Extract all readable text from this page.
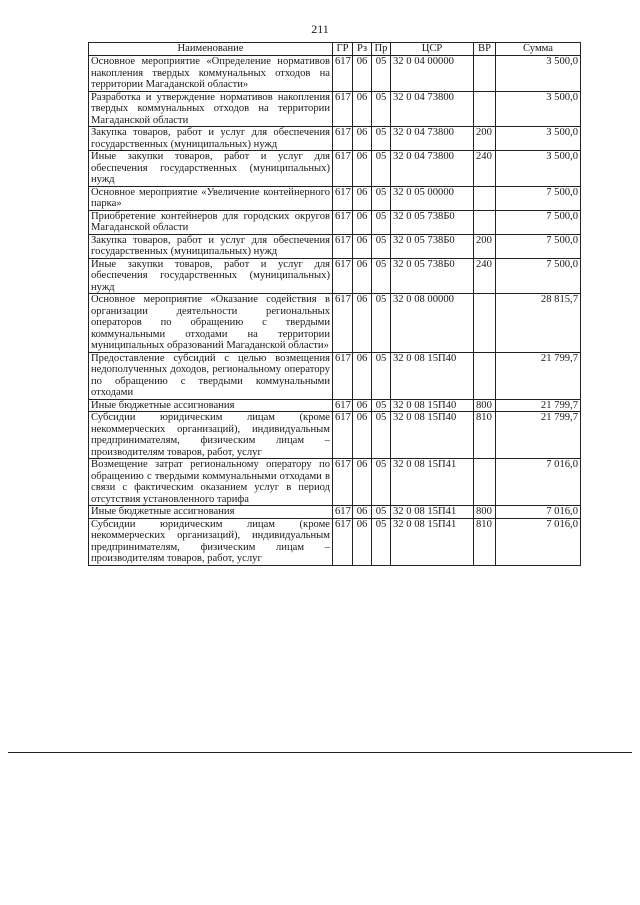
211
Наименование	ГР	Рз	Пр	ЦСР	ВР	Сумма
Основное мероприятие «Определение нормативов накопления твердых коммунальных отходов на территории Магаданской области»	617	06	05	32 0 04 00000		3 500,0
Разработка и утверждение нормативов накопления твердых коммунальных отходов на территории Магаданской области	617	06	05	32 0 04 73800		3 500,0
Закупка товаров, работ и услуг для обеспечения государственных (муниципальных) нужд	617	06	05	32 0 04 73800	200	3 500,0
Иные закупки товаров, работ и услуг для обеспечения государственных (муниципальных) нужд	617	06	05	32 0 04 73800	240	3 500,0
Основное мероприятие «Увеличение контейнерного парка»	617	06	05	32 0 05 00000		7 500,0
Приобретение контейнеров для городских округов Магаданской области	617	06	05	32 0 05 738Б0		7 500,0
Закупка товаров, работ и услуг для обеспечения государственных (муниципальных) нужд	617	06	05	32 0 05 738Б0	200	7 500,0
Иные закупки товаров, работ и услуг для обеспечения государственных (муниципальных) нужд	617	06	05	32 0 05 738Б0	240	7 500,0
Основное мероприятие «Оказание содействия в организации деятельности региональных операторов по обращению с твердыми коммунальными отходами на территории муниципальных образований Магаданской области»	617	06	05	32 0 08 00000		28 815,7
Предоставление субсидий с целью возмещения недополученных доходов, региональному оператору по обращению с твердыми коммунальными отходами	617	06	05	32 0 08 15П40		21 799,7
Иные бюджетные ассигнования	617	06	05	32 0 08 15П40	800	21 799,7
Субсидии юридическим лицам (кроме некоммерческих организаций), индивидуальным предпринимателям, физическим лицам – производителям товаров, работ, услуг	617	06	05	32 0 08 15П40	810	21 799,7
Возмещение затрат региональному оператору по обращению с твердыми коммунальными отходами в связи с фактическим оказанием услуг в период отсутствия установленного тарифа	617	06	05	32 0 08 15П41		7 016,0
Иные бюджетные ассигнования	617	06	05	32 0 08 15П41	800	7 016,0
Субсидии юридическим лицам (кроме некоммерческих организаций), индивидуальным предпринимателям, физическим лицам – производителям товаров, работ, услуг	617	06	05	32 0 08 15П41	810	7 016,0
